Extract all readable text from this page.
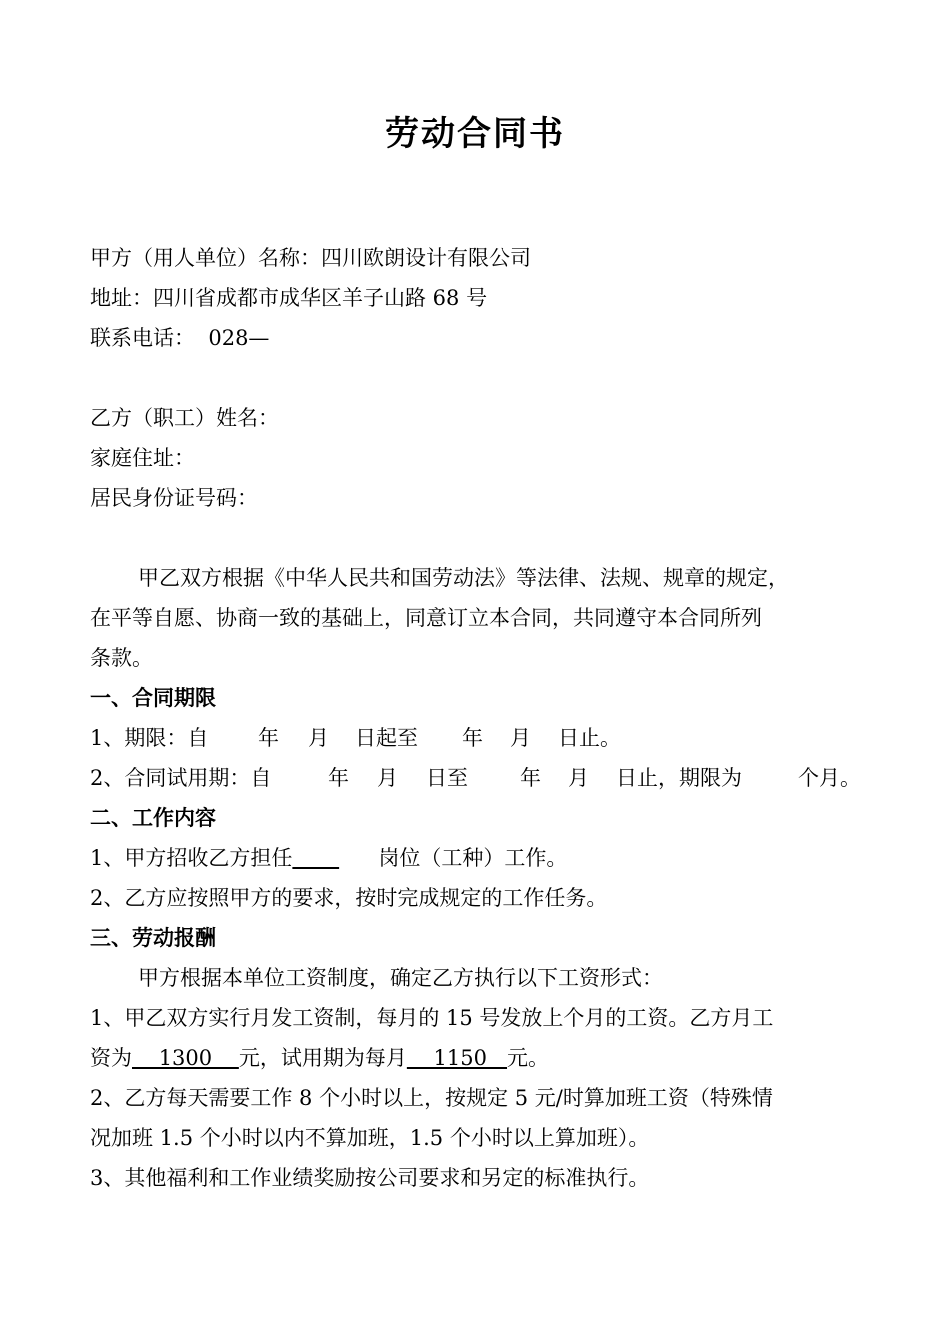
劳动合同书
甲方（用人单位）名称：四川欧朗设计有限公司
地址：四川省成都市成华区羊子山路 68 号
联系电话：  028—
乙方（职工）姓名：
家庭住址：
居民身份证号码：
甲乙双方根据《中华人民共和国劳动法》等法律、法规、规章的规定，
在平等自愿、协商一致的基础上，同意订立本合同，共同遵守本合同所列
条款。
一、合同期限
1、期限：自 年 月 日起至 年 月 日止。
2、合同试用期：自	年 月 日至 年 月 日止，期限为	个月。
二、工作内容
1、甲方招收乙方担任	岗位（工种）工作。
2、乙方应按照甲方的要求，按时完成规定的工作任务。
三、劳动报酬
甲方根据本单位工资制度，确定乙方执行以下工资形式：
1、甲乙双方实行月发工资制，每月的 15 号发放上个月的工资。乙方月工
资为    1300    元，试用期为每月    1150   元。
2、乙方每天需要工作 8 个小时以上，按规定 5 元/时算加班工资（特殊情
况加班 1.5 个小时以内不算加班，1.5 个小时以上算加班）。
3、其他福利和工作业绩奖励按公司要求和另定的标准执行。
